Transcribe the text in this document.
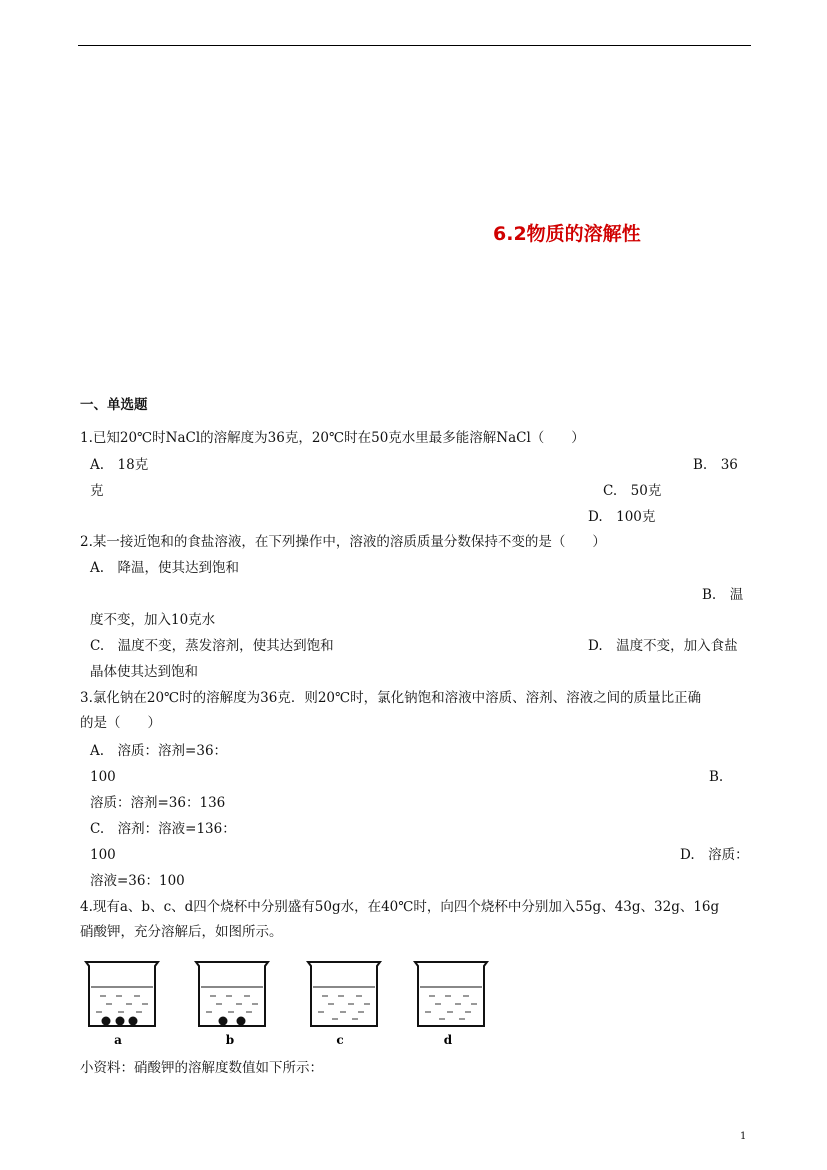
6.2物质的溶解性
一、单选题
1.已知20℃时NaCl的溶解度为36克，20℃时在50克水里最多能溶解NaCl（　　）
A.　18克	B.　36
克	C.　50克
D.　100克
2.某一接近饱和的食盐溶液，在下列操作中，溶液的溶质质量分数保持不变的是（　　）
A.　降温，使其达到饱和
B.　温
度不变，加入10克水
C.　温度不变，蒸发溶剂，使其达到饱和	D.　温度不变，加入食盐
晶体使其达到饱和
3.氯化钠在20℃时的溶解度为36克．则20℃时，氯化钠饱和溶液中溶质、溶剂、溶液之间的质量比正确
的是（　　）
A.　溶质：溶剂=36：
100	B.
溶质：溶剂=36：136
C.　溶剂：溶液=136：
100	D.　溶质：
溶液=36：100
4.现有a、b、c、d四个烧杯中分别盛有50g水，在40℃时，向四个烧杯中分别加入55g、43g、32g、16g
硝酸钾，充分溶解后，如图所示。
a	b	c	d
小资料：硝酸钾的溶解度数值如下所示：
1
